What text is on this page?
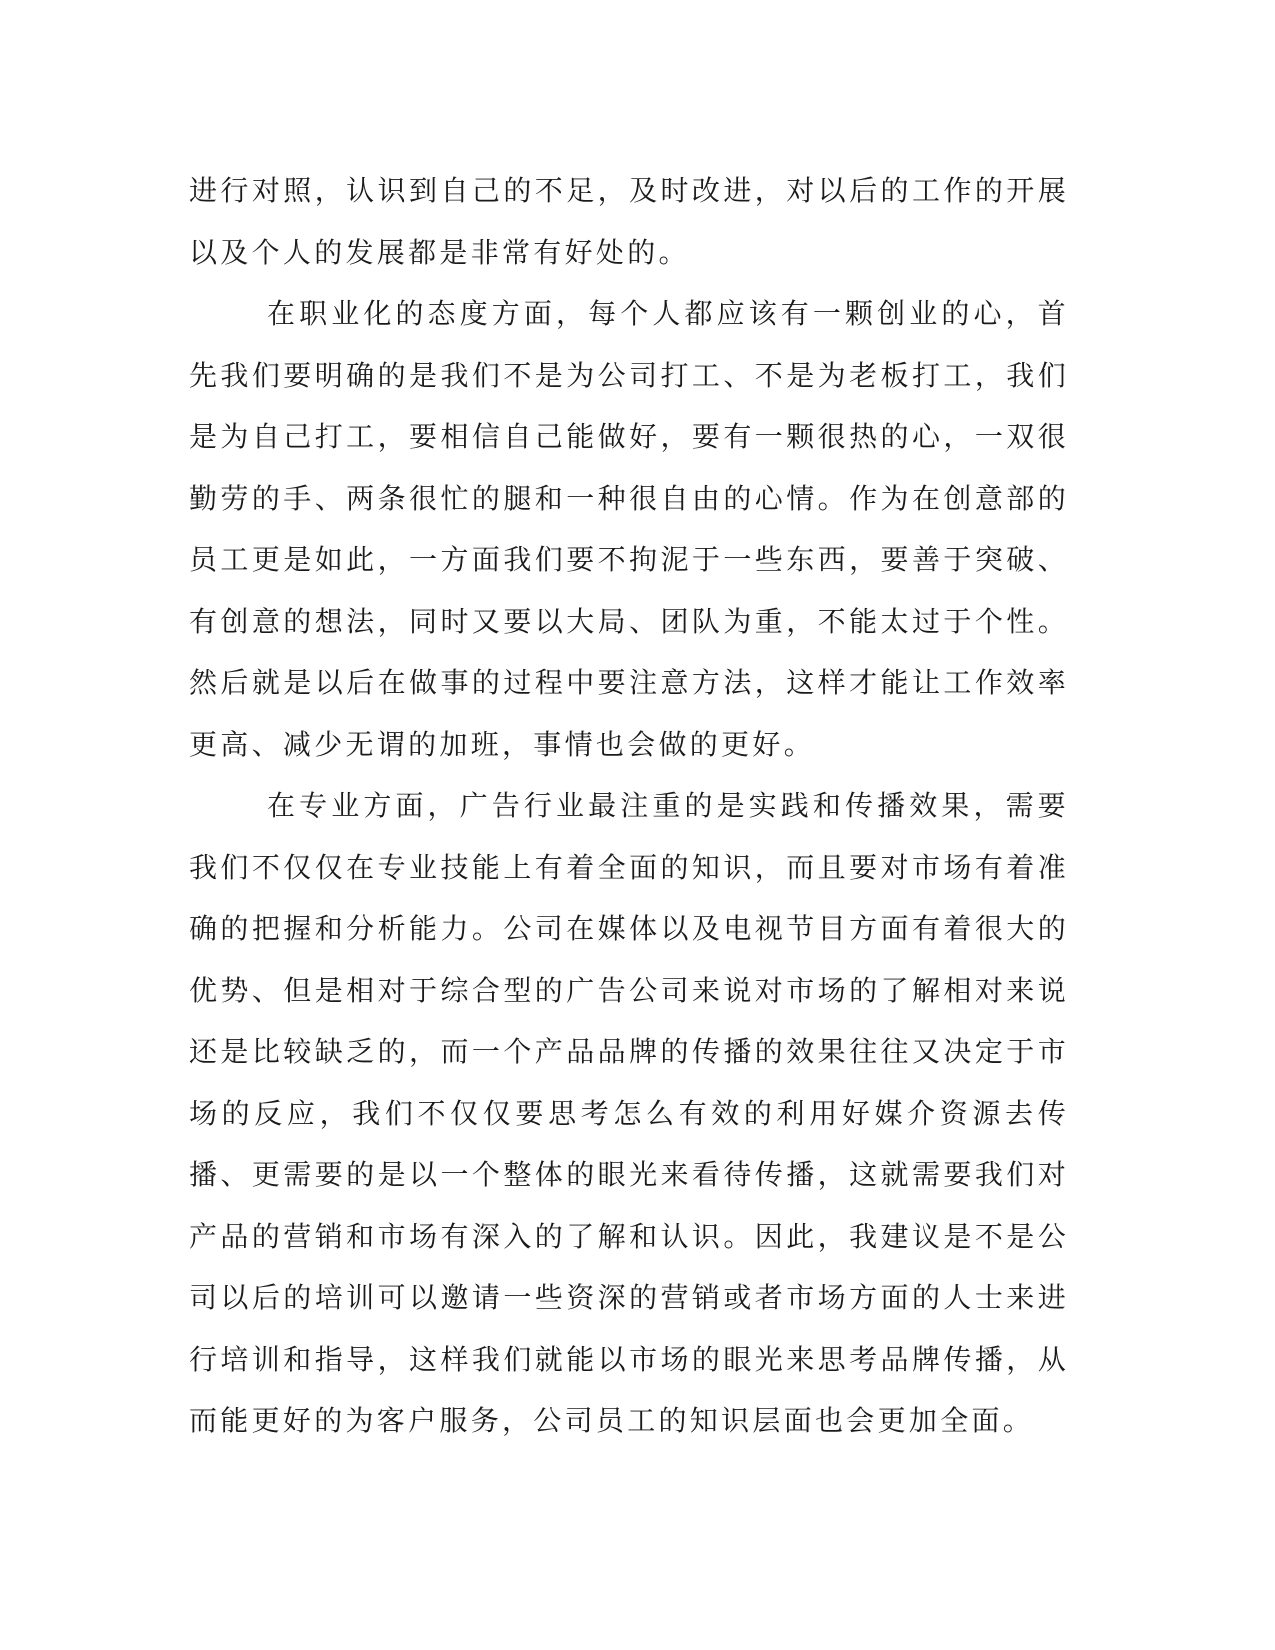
进行对照，认识到自己的不足，及时改进，对以后的工作的开展以及个人的发展都是非常有好处的。

在职业化的态度方面，每个人都应该有一颗创业的心，首先我们要明确的是我们不是为公司打工、不是为老板打工，我们是为自己打工，要相信自己能做好，要有一颗很热的心，一双很勤劳的手、两条很忙的腿和一种很自由的心情。作为在创意部的员工更是如此，一方面我们要不拘泥于一些东西，要善于突破、有创意的想法，同时又要以大局、团队为重，不能太过于个性。然后就是以后在做事的过程中要注意方法，这样才能让工作效率更高、减少无谓的加班，事情也会做的更好。

在专业方面，广告行业最注重的是实践和传播效果，需要我们不仅仅在专业技能上有着全面的知识，而且要对市场有着准确的把握和分析能力。公司在媒体以及电视节目方面有着很大的优势、但是相对于综合型的广告公司来说对市场的了解相对来说还是比较缺乏的，而一个产品品牌的传播的效果往往又决定于市场的反应，我们不仅仅要思考怎么有效的利用好媒介资源去传播、更需要的是以一个整体的眼光来看待传播，这就需要我们对产品的营销和市场有深入的了解和认识。因此，我建议是不是公司以后的培训可以邀请一些资深的营销或者市场方面的人士来进行培训和指导，这样我们就能以市场的眼光来思考品牌传播，从而能更好的为客户服务，公司员工的知识层面也会更加全面。
